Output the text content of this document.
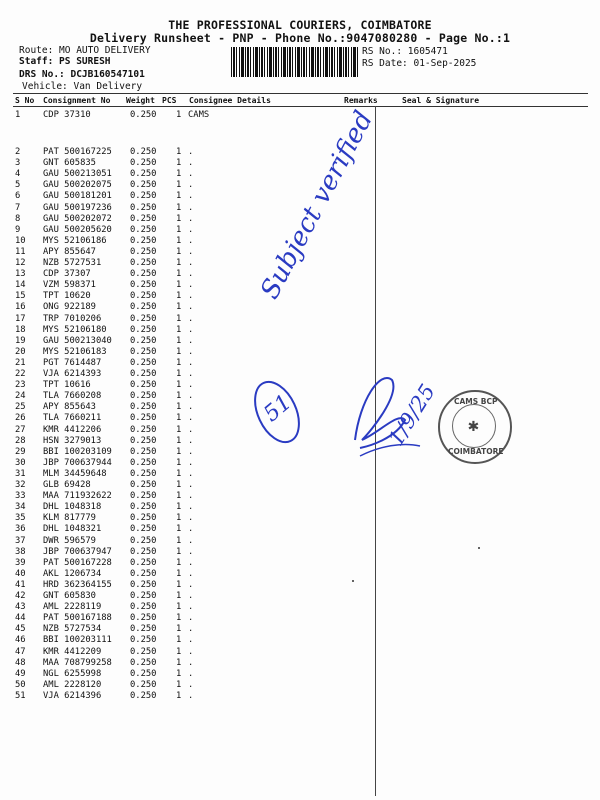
THE PROFESSIONAL COURIERS, COIMBATORE
Delivery Runsheet - PNP - Phone No.:9047080280 - Page No.:1
Route: MO AUTO DELIVERY
Staff: PS SURESH
DRS No.: DCJB160547101
Vehicle: Van Delivery
RS No.: 1605471
RS Date: 01-Sep-2025
S No Consignment No Weight PCS Consignee Details	Remarks	Seal & Signature
1	CDP 37310	0.250 1 CAMS
2	PAT 500167225 0.250 1 .
3	GNT 605835	0.250 1 .
4	GAU 500213051 0.250 1 .
5	GAU 500202075 0.250 1 .
6	GAU 500181201 0.250 1 .
7	GAU 500197236 0.250 1 .
8	GAU 500202072 0.250 1 .
9	GAU 500205620 0.250 1 .
10	MYS 52106186	0.250 1 .
11	APY 855647	0.250 1 .
12	NZB 5727531	0.250 1 .
13	CDP 37307	0.250 1 .
14	VZM 598371	0.250 1 .
15	TPT 10620	0.250 1 .
16	ONG 922189	0.250 1 .
17	TRP 7010206	0.250 1 .
18	MYS 52106180	0.250 1 .
19	GAU 500213040 0.250 1 .
20	MYS 52106183	0.250 1 .
21	PGT 7614487	0.250 1 .
22	VJA 6214393	0.250 1 .
23	TPT 10616	0.250 1 .
24	TLA 7660208	0.250 1 .
25	APY 855643	0.250 1 .
26	TLA 7660211	0.250 1 .
27	KMR 4412206	0.250 1 .
28	HSN 3279013	0.250 1 .
29	BBI 100203109 0.250 1 .
30	JBP 700637944 0.250 1 .
31	MLM 34459648	0.250 1 .
32	GLB 69428	0.250 1 .
33	MAA 711932622 0.250 1 .
34	DHL 1048318	0.250 1 .
35	KLM 817779	0.250 1 .
36	DHL 1048321	0.250 1 .
37	DWR 596579	0.250 1 .
38	JBP 700637947 0.250 1 .
39	PAT 500167228 0.250 1 .
40	AKL 1206734	0.250 1 .
41	HRD 362364155 0.250 1 .
42	GNT 605830	0.250 1 .
43	AML 2228119	0.250 1 .
44	PAT 500167188 0.250 1 .
45	NZB 5727534	0.250 1 .
46	BBI 100203111 0.250 1 .
47	KMR 4412209	0.250 1 .
48	MAA 708799258 0.250 1 .
49	NGL 6255998	0.250 1 .
50	AML 2228120	0.250 1 .
51	VJA 6214396	0.250 1 .
51
Subject verified
1/9/25 CAMS BCP
COIMBATORE
✱
